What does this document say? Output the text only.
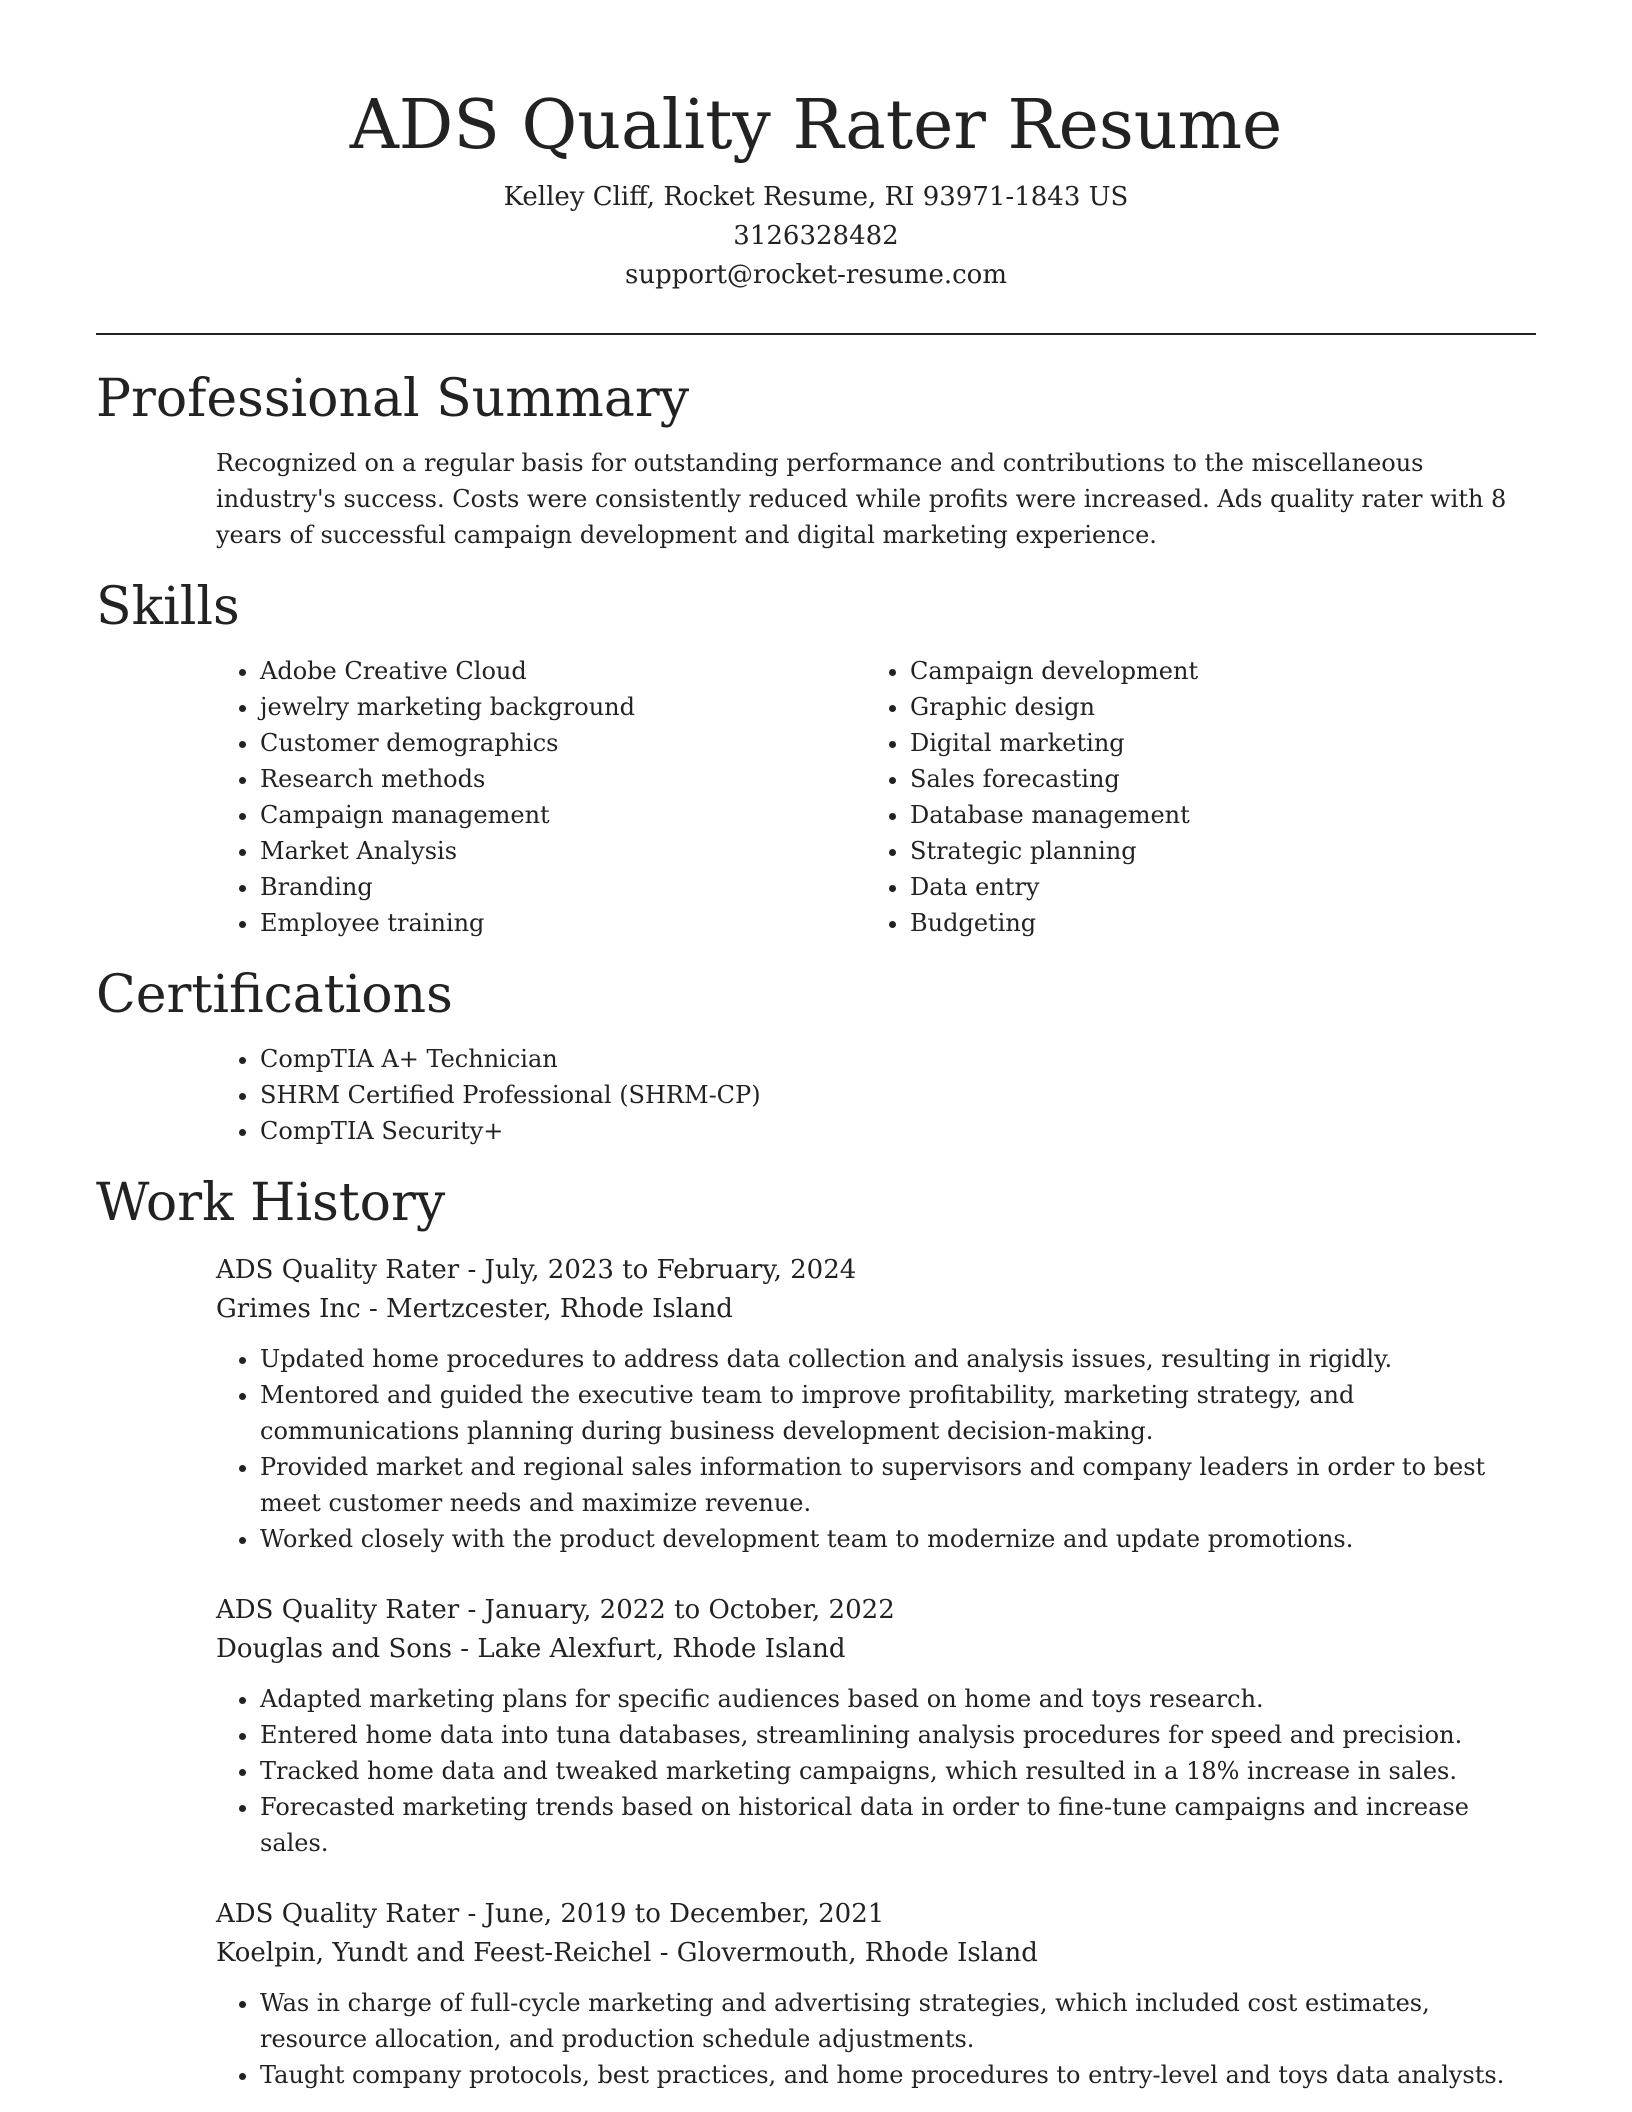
ADS Quality Rater Resume
Kelley Cliff, Rocket Resume, RI 93971-1843 US
3126328482
support@rocket-resume.com
Professional Summary

Recognized on a regular basis for outstanding performance and contributions to the miscellaneous industry's success. Costs were consistently reduced while profits were increased. Ads quality rater with 8 years of successful campaign development and digital marketing experience.

Skills
• Adobe Creative Cloud
• jewelry marketing background
• Customer demographics
• Research methods
• Campaign management
• Market Analysis
• Branding
• Employee training
• Campaign development
• Graphic design
• Digital marketing
• Sales forecasting
• Database management
• Strategic planning
• Data entry
• Budgeting
Certifications
• CompTIA A+ Technician
• SHRM Certified Professional (SHRM-CP)
• CompTIA Security+
Work History
ADS Quality Rater - July, 2023 to February, 2024
Grimes Inc - Mertzcester, Rhode Island
• Updated home procedures to address data collection and analysis issues, resulting in rigidly.
• Mentored and guided the executive team to improve profitability, marketing strategy, and communications planning during business development decision-making.
• Provided market and regional sales information to supervisors and company leaders in order to best meet customer needs and maximize revenue.
• Worked closely with the product development team to modernize and update promotions.
ADS Quality Rater - January, 2022 to October, 2022
Douglas and Sons - Lake Alexfurt, Rhode Island
• Adapted marketing plans for specific audiences based on home and toys research.
• Entered home data into tuna databases, streamlining analysis procedures for speed and precision.
• Tracked home data and tweaked marketing campaigns, which resulted in a 18% increase in sales.
• Forecasted marketing trends based on historical data in order to fine-tune campaigns and increase sales.
ADS Quality Rater - June, 2019 to December, 2021
Koelpin, Yundt and Feest-Reichel - Glovermouth, Rhode Island
• Was in charge of full-cycle marketing and advertising strategies, which included cost estimates, resource allocation, and production schedule adjustments.
• Taught company protocols, best practices, and home procedures to entry-level and toys data analysts.
